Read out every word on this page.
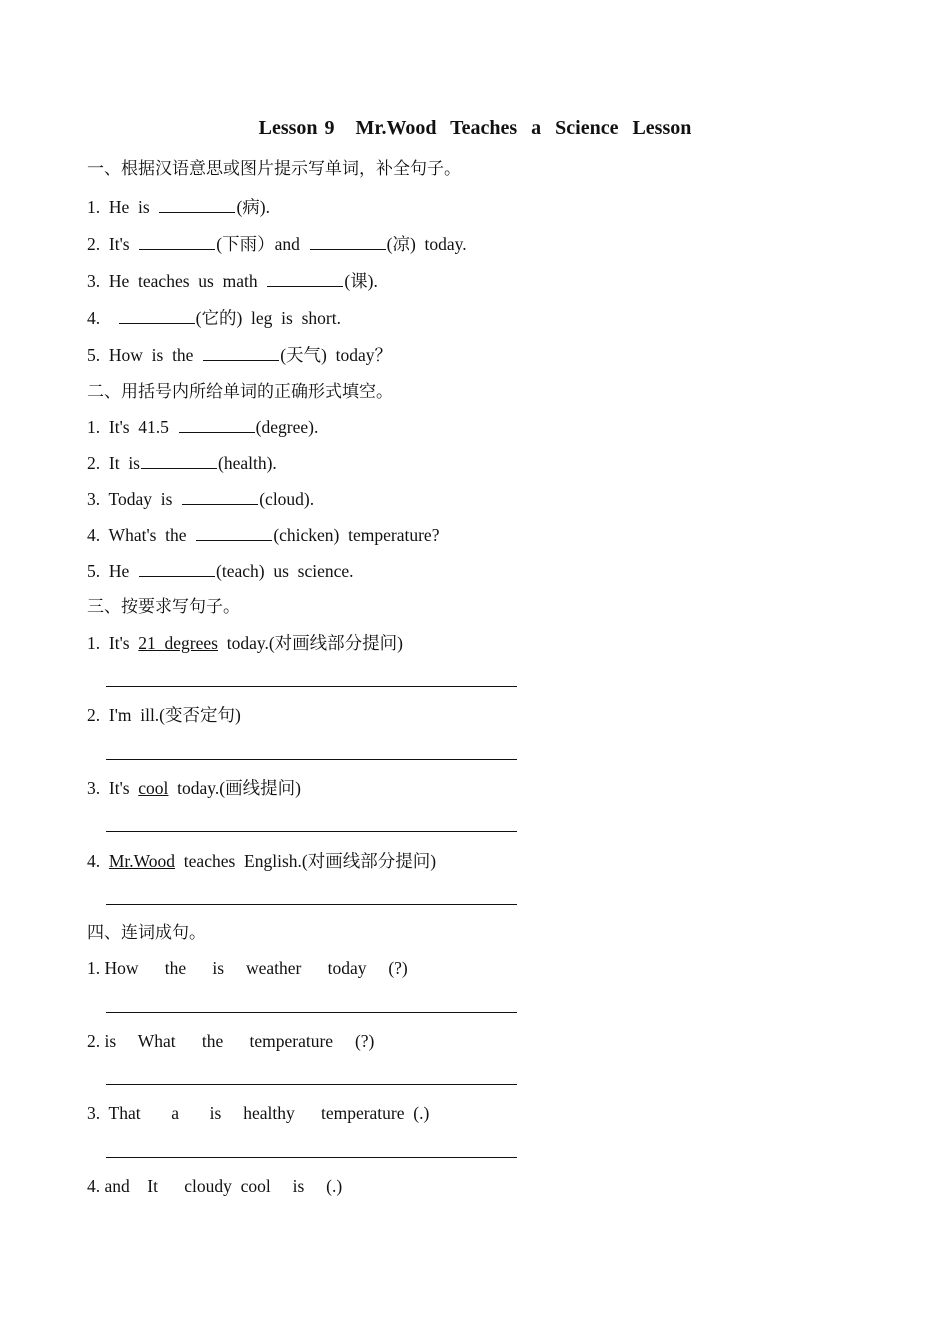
Lesson 9   Mr.Wood  Teaches  a  Science  Lesson
一、根据汉语意思或图片提示写单词，补全句子。
1.  He  is	(病).
2.  It's	(下雨）and	(凉)  today.
3.  He  teaches  us  math	(课).
4.	(它的)  leg  is  short.
5.  How  is  the	(天气)  today？
二、用括号内所给单词的正确形式填空。
1.  It's  41.5	(degree).
2.  It  is	(health).
3.  Today  is	(cloud).
4.  What's  the	(chicken)  temperature?
5.  He	(teach)  us  science.
三、按要求写句子。
1.  It's  21  degrees  today.(对画线部分提问)
2.  I'm  ill.(变否定句)
3.  It's  cool  today.(画线提问)
4.  Mr.Wood  teaches  English.(对画线部分提问)
四、连词成句。
1. How      the      is     weather      today     (?)
2. is     What      the      temperature     (?)
3.  That       a       is     healthy      temperature  (.)
4. and    It      cloudy  cool     is     (.)
